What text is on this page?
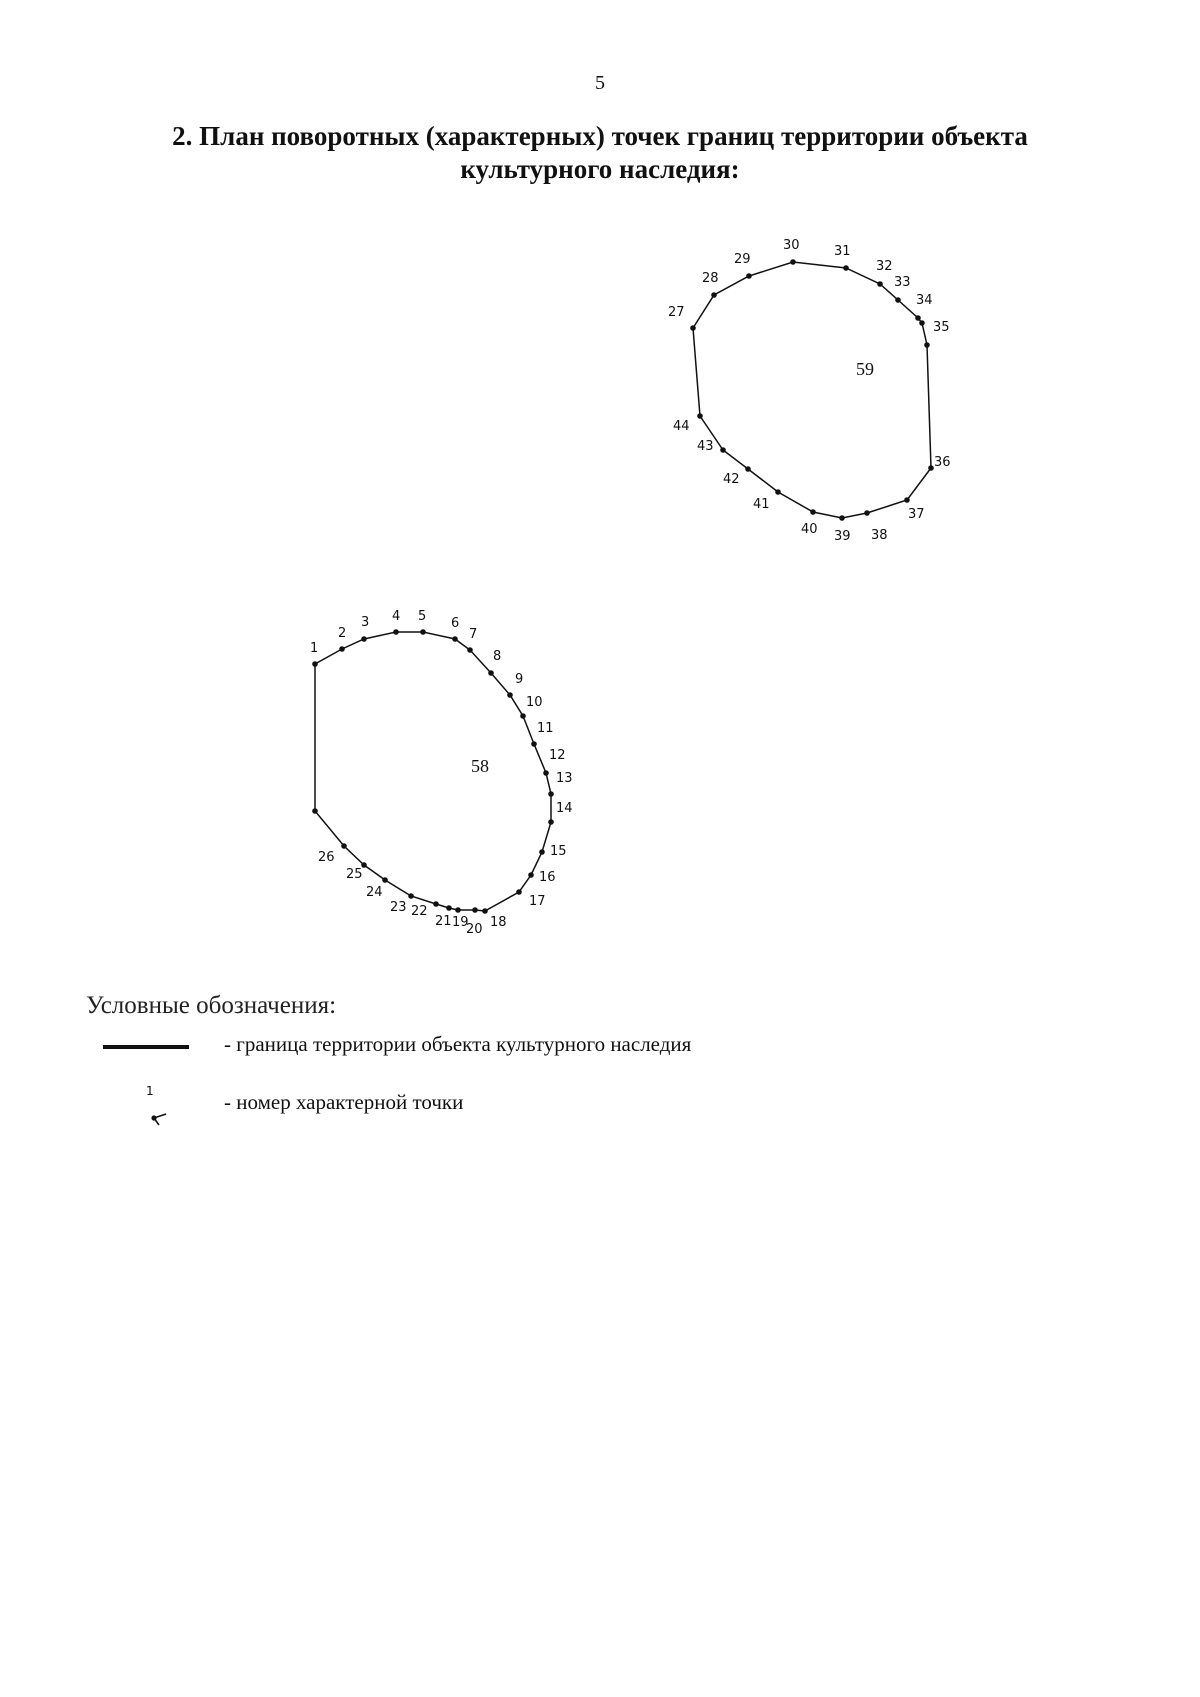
5
2. План поворотных (характерных) точек границ территории объекта
культурного наследия:
27
28
29
30	31
32
33
34
35
36
37
38
39
40
41
42
43
44
59
1
2
3 4 5 6
7
8
9
10
11
12
13
14
15
16
17
18
19
20
21
22
23
24
25
26
58
Условные обозначения:
- граница территории объекта культурного наследия
1	- номер характерной точки
